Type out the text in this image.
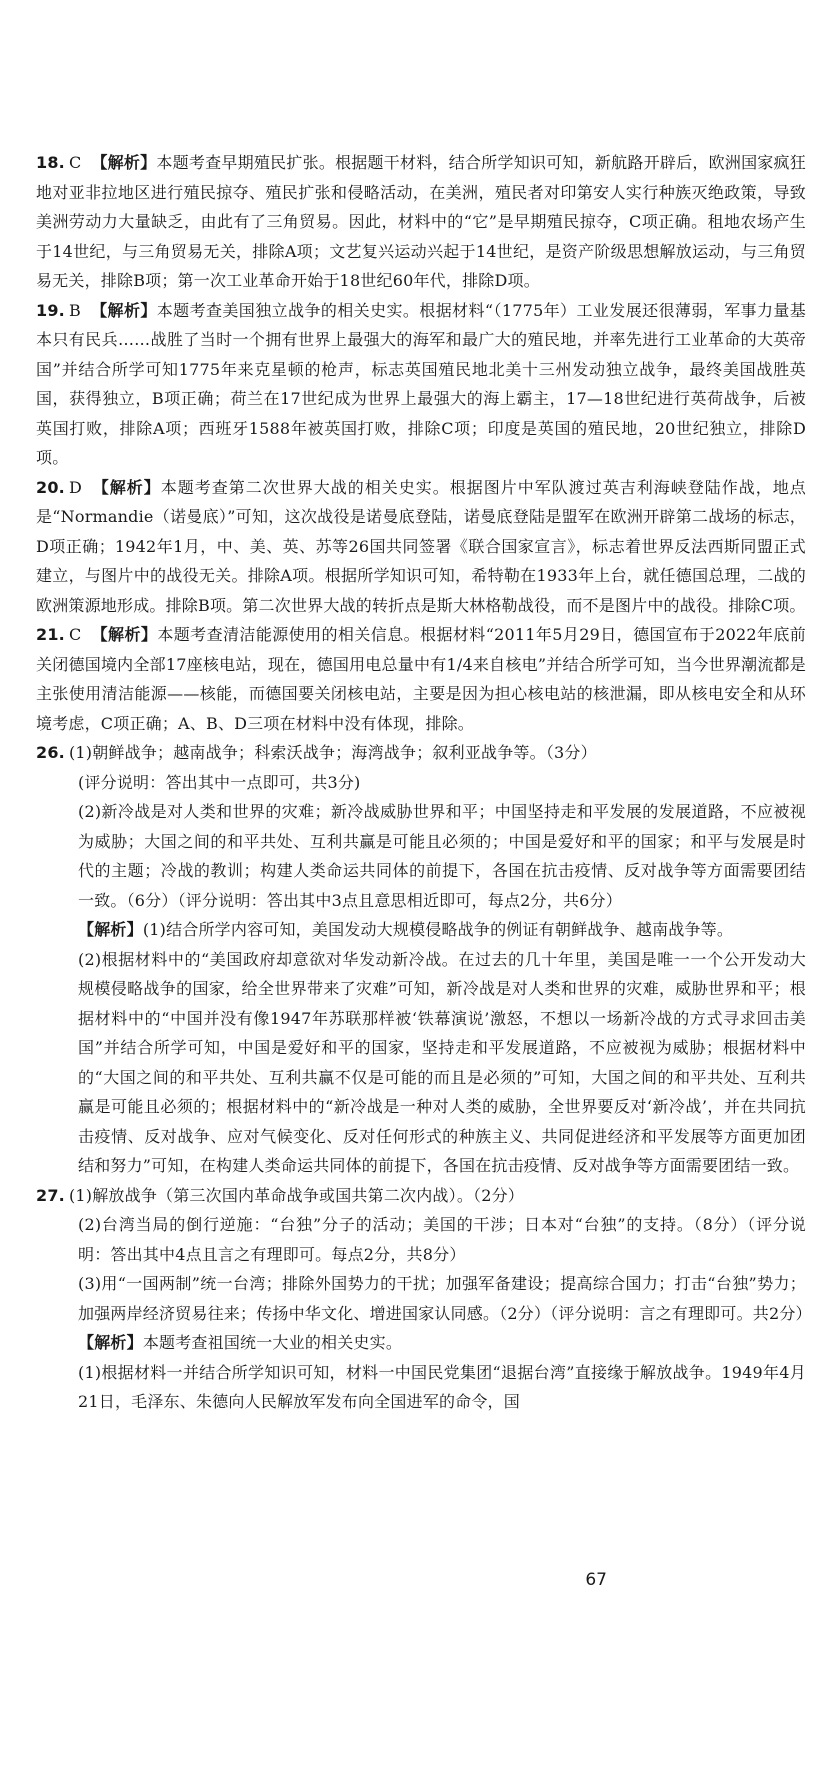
18. C 【解析】本题考查早期殖民扩张。根据题干材料，结合所学知识可知，新航路开辟后，欧洲国家疯狂地对亚非拉地区进行殖民掠夺、殖民扩张和侵略活动，在美洲，殖民者对印第安人实行种族灭绝政策，导致美洲劳动力大量缺乏，由此有了三角贸易。因此，材料中的“它”是早期殖民掠夺，C项正确。租地农场产生于14世纪，与三角贸易无关，排除A项；文艺复兴运动兴起于14世纪，是资产阶级思想解放运动，与三角贸易无关，排除B项；第一次工业革命开始于18世纪60年代，排除D项。

19. B 【解析】本题考查美国独立战争的相关史实。根据材料“（1775年）工业发展还很薄弱，军事力量基本只有民兵……战胜了当时一个拥有世界上最强大的海军和最广大的殖民地，并率先进行工业革命的大英帝国”并结合所学可知1775年来克星顿的枪声，标志英国殖民地北美十三州发动独立战争，最终美国战胜英国，获得独立，B项正确；荷兰在17世纪成为世界上最强大的海上霸主，17—18世纪进行英荷战争，后被英国打败，排除A项；西班牙1588年被英国打败，排除C项；印度是英国的殖民地，20世纪独立，排除D项。

20. D 【解析】本题考查第二次世界大战的相关史实。根据图片中军队渡过英吉利海峡登陆作战，地点是“Normandie（诺曼底）”可知，这次战役是诺曼底登陆，诺曼底登陆是盟军在欧洲开辟第二战场的标志，D项正确；1942年1月，中、美、英、苏等26国共同签署《联合国家宣言》，标志着世界反法西斯同盟正式建立，与图片中的战役无关。排除A项。根据所学知识可知，希特勒在1933年上台，就任德国总理，二战的欧洲策源地形成。排除B项。第二次世界大战的转折点是斯大林格勒战役，而不是图片中的战役。排除C项。

21. C 【解析】本题考查清洁能源使用的相关信息。根据材料“2011年5月29日，德国宣布于2022年底前关闭德国境内全部17座核电站，现在，德国用电总量中有1/4来自核电”并结合所学可知，当今世界潮流都是主张使用清洁能源——核能，而德国要关闭核电站，主要是因为担心核电站的核泄漏，即从核电安全和从环境考虑，C项正确；A、B、D三项在材料中没有体现，排除。

26. (1)朝鲜战争；越南战争；科索沃战争；海湾战争；叙利亚战争等。（3分）

(评分说明：答出其中一点即可，共3分)

(2)新冷战是对人类和世界的灾难；新冷战威胁世界和平；中国坚持走和平发展的发展道路，不应被视为威胁；大国之间的和平共处、互利共赢是可能且必须的；中国是爱好和平的国家；和平与发展是时代的主题；冷战的教训；构建人类命运共同体的前提下，各国在抗击疫情、反对战争等方面需要团结一致。（6分）（评分说明：答出其中3点且意思相近即可，每点2分，共6分）

【解析】(1)结合所学内容可知，美国发动大规模侵略战争的例证有朝鲜战争、越南战争等。

(2)根据材料中的“美国政府却意欲对华发动新冷战。在过去的几十年里，美国是唯一一个公开发动大规模侵略战争的国家，给全世界带来了灾难”可知，新冷战是对人类和世界的灾难，威胁世界和平；根据材料中的“中国并没有像1947年苏联那样被‘铁幕演说’激怒，不想以一场新冷战的方式寻求回击美国”并结合所学可知，中国是爱好和平的国家，坚持走和平发展道路，不应被视为威胁；根据材料中的“大国之间的和平共处、互利共赢不仅是可能的而且是必须的”可知，大国之间的和平共处、互利共赢是可能且必须的；根据材料中的“新冷战是一种对人类的威胁，全世界要反对‘新冷战’，并在共同抗击疫情、反对战争、应对气候变化、反对任何形式的种族主义、共同促进经济和平发展等方面更加团结和努力”可知，在构建人类命运共同体的前提下，各国在抗击疫情、反对战争等方面需要团结一致。

27. (1)解放战争（第三次国内革命战争或国共第二次内战）。（2分）

(2)台湾当局的倒行逆施：“台独”分子的活动；美国的干涉；日本对“台独”的支持。（8分）（评分说明：答出其中4点且言之有理即可。每点2分，共8分）

(3)用“一国两制”统一台湾；排除外国势力的干扰；加强军备建设；提高综合国力；打击“台独”势力；加强两岸经济贸易往来；传扬中华文化、增进国家认同感。（2分）（评分说明：言之有理即可。共2分）

【解析】本题考查祖国统一大业的相关史实。

(1)根据材料一并结合所学知识可知，材料一中国民党集团“退据台湾”直接缘于解放战争。1949年4月21日，毛泽东、朱德向人民解放军发布向全国进军的命令，国

67
